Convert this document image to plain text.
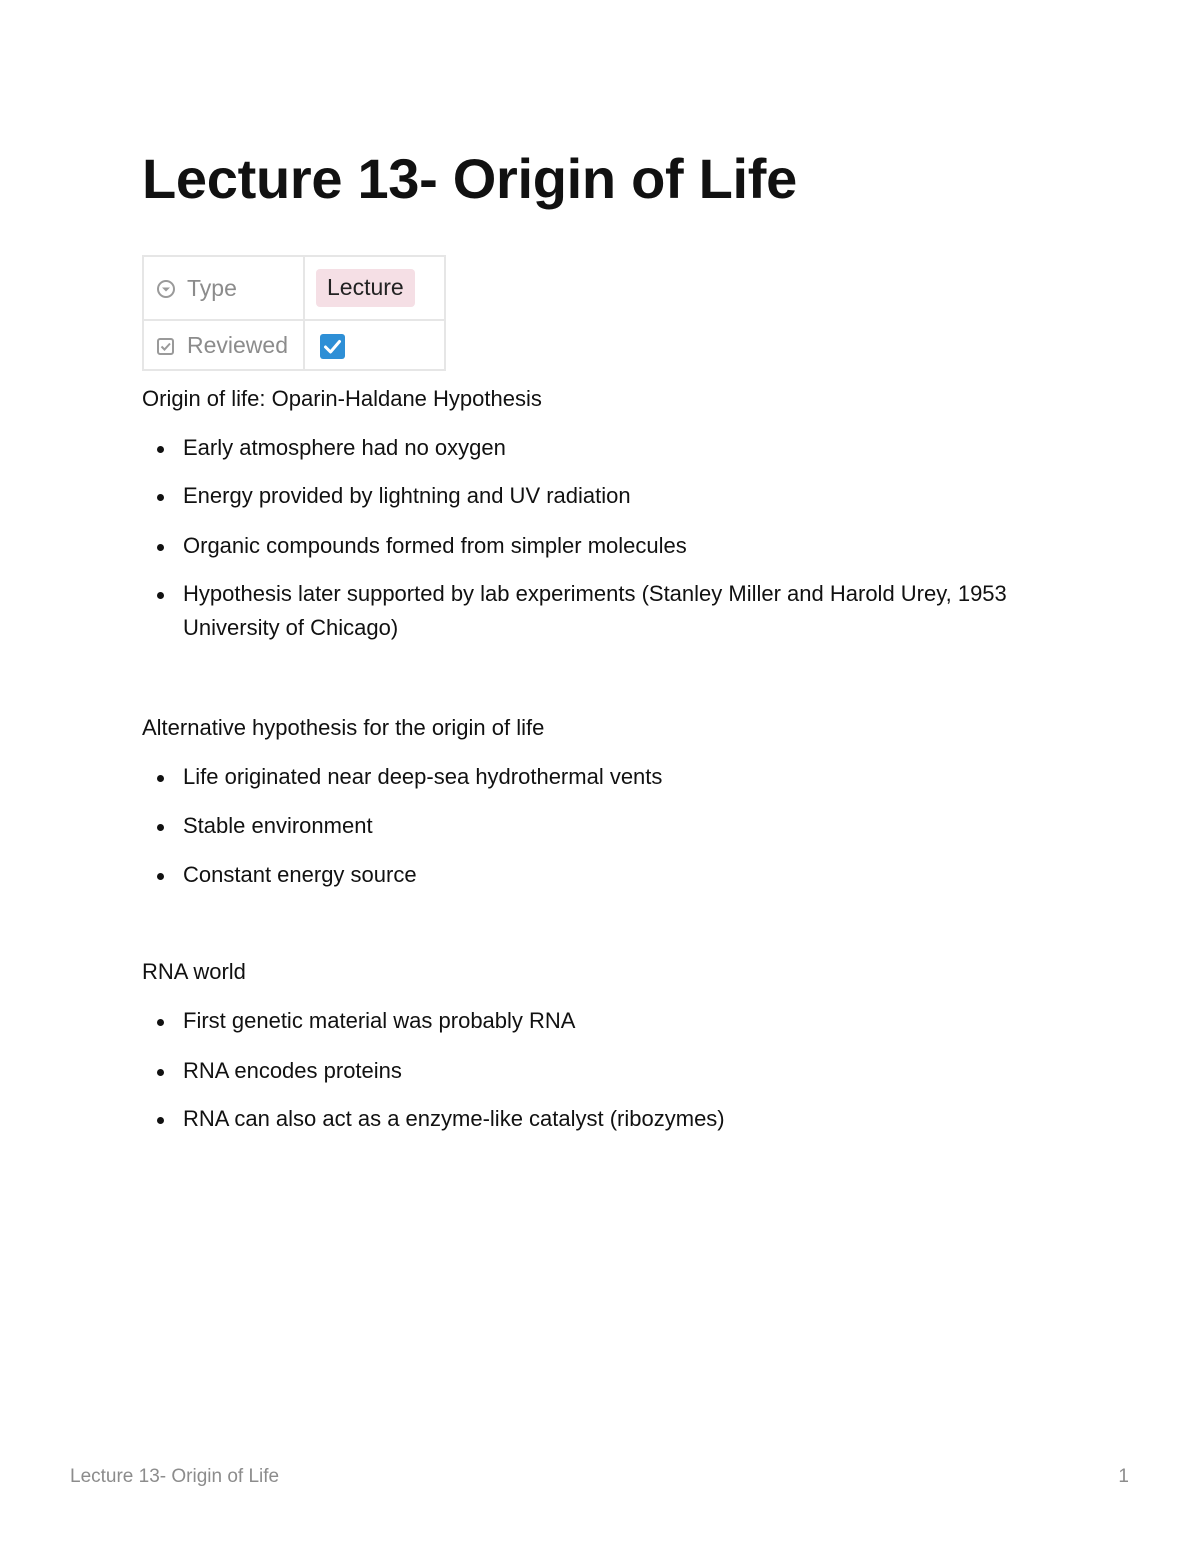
Lecture 13- Origin of Life
Type	Lecture

Reviewed

Origin of life: Oparin-Haldane Hypothesis

Early atmosphere had no oxygen
Energy provided by lightning and UV radiation
Organic compounds formed from simpler molecules
Hypothesis later supported by lab experiments (Stanley Miller and Harold Urey, 1953 University of Chicago)

Alternative hypothesis for the origin of life

Life originated near deep-sea hydrothermal vents
Stable environment
Constant energy source

RNA world

First genetic material was probably RNA
RNA encodes proteins
RNA can also act as a enzyme-like catalyst (ribozymes)
Lecture 13- Origin of Life	1
